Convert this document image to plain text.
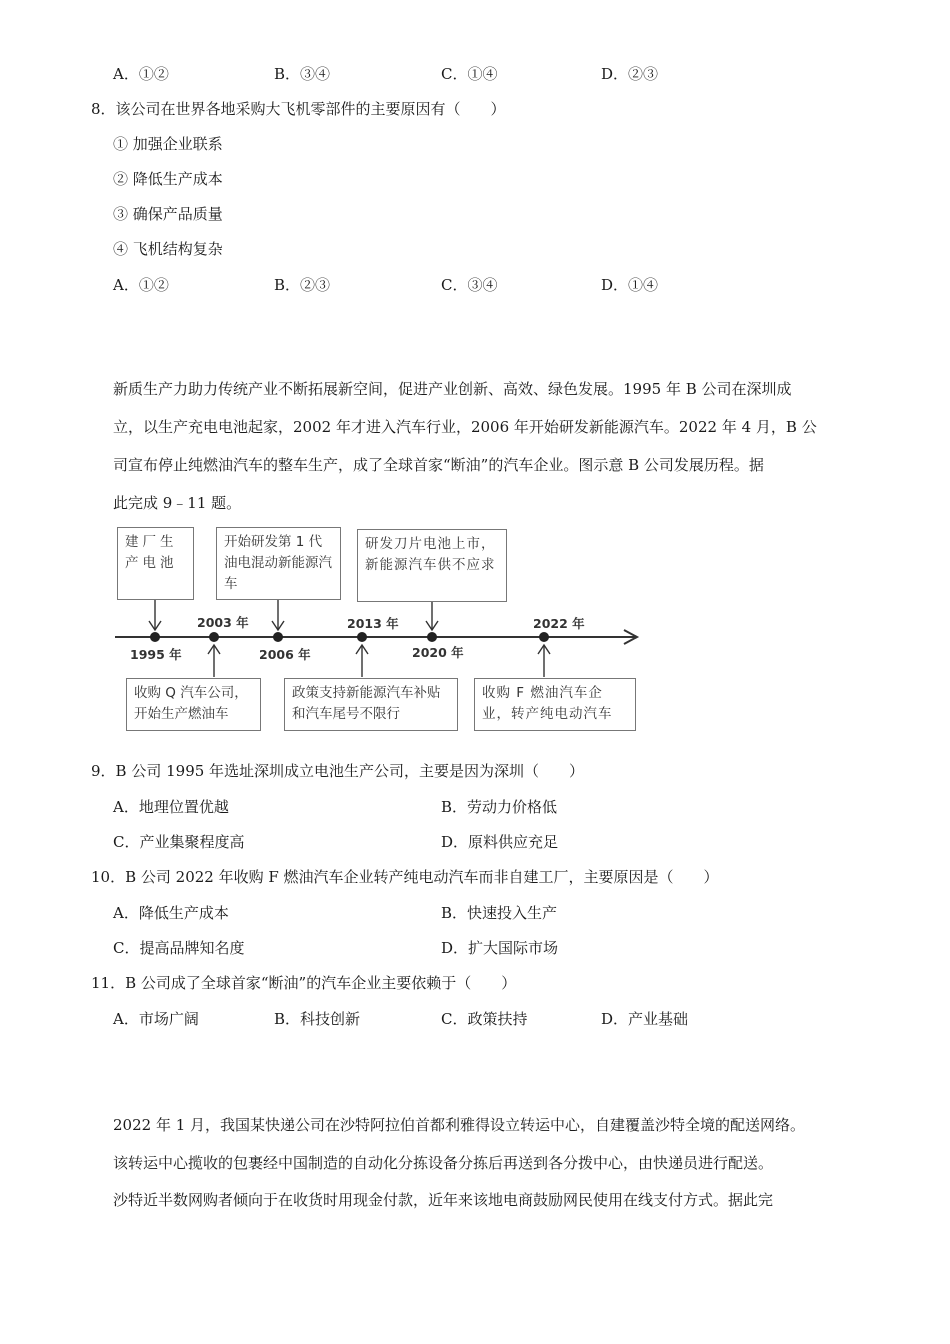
A．①②	B．③④	C．①④	D．②③
8．该公司在世界各地采购大飞机零部件的主要原因有（　　）
① 加强企业联系
② 降低生产成本
③ 确保产品质量
④ 飞机结构复杂
A．①②	B．②③	C．③④	D．①④
新质生产力助力传统产业不断拓展新空间，促进产业创新、高效、绿色发展。1995 年 B 公司在深圳成
立，以生产充电电池起家，2002 年才进入汽车行业，2006 年开始研发新能源汽车。2022 年 4 月，B 公
司宣布停止纯燃油汽车的整车生产，成了全球首家“断油”的汽车企业。图示意 B 公司发展历程。据
此完成 9﹣11 题。
建厂生产电池
开始研发第 1 代油电混动新能源汽车
研发刀片电池上市，新能源汽车供不应求
收购 Q 汽车公司，开始生产燃油车
政策支持新能源汽车补贴和汽车尾号不限行
收购 F 燃油汽车企业，转产纯电动汽车
1995 年
2003 年
2006 年
2013 年
2020 年
2022 年
9．B 公司 1995 年选址深圳成立电池生产公司，主要是因为深圳（　　）
A．地理位置优越	B．劳动力价格低
C．产业集聚程度高	D．原料供应充足
10．B 公司 2022 年收购 F 燃油汽车企业转产纯电动汽车而非自建工厂，主要原因是（　　）
A．降低生产成本	B．快速投入生产
C．提高品牌知名度	D．扩大国际市场
11．B 公司成了全球首家“断油”的汽车企业主要依赖于（　　）
A．市场广阔	B．科技创新	C．政策扶持	D．产业基础
2022 年 1 月，我国某快递公司在沙特阿拉伯首都利雅得设立转运中心，自建覆盖沙特全境的配送网络。
该转运中心揽收的包裹经中国制造的自动化分拣设备分拣后再送到各分拨中心，由快递员进行配送。
沙特近半数网购者倾向于在收货时用现金付款，近年来该地电商鼓励网民使用在线支付方式。据此完
